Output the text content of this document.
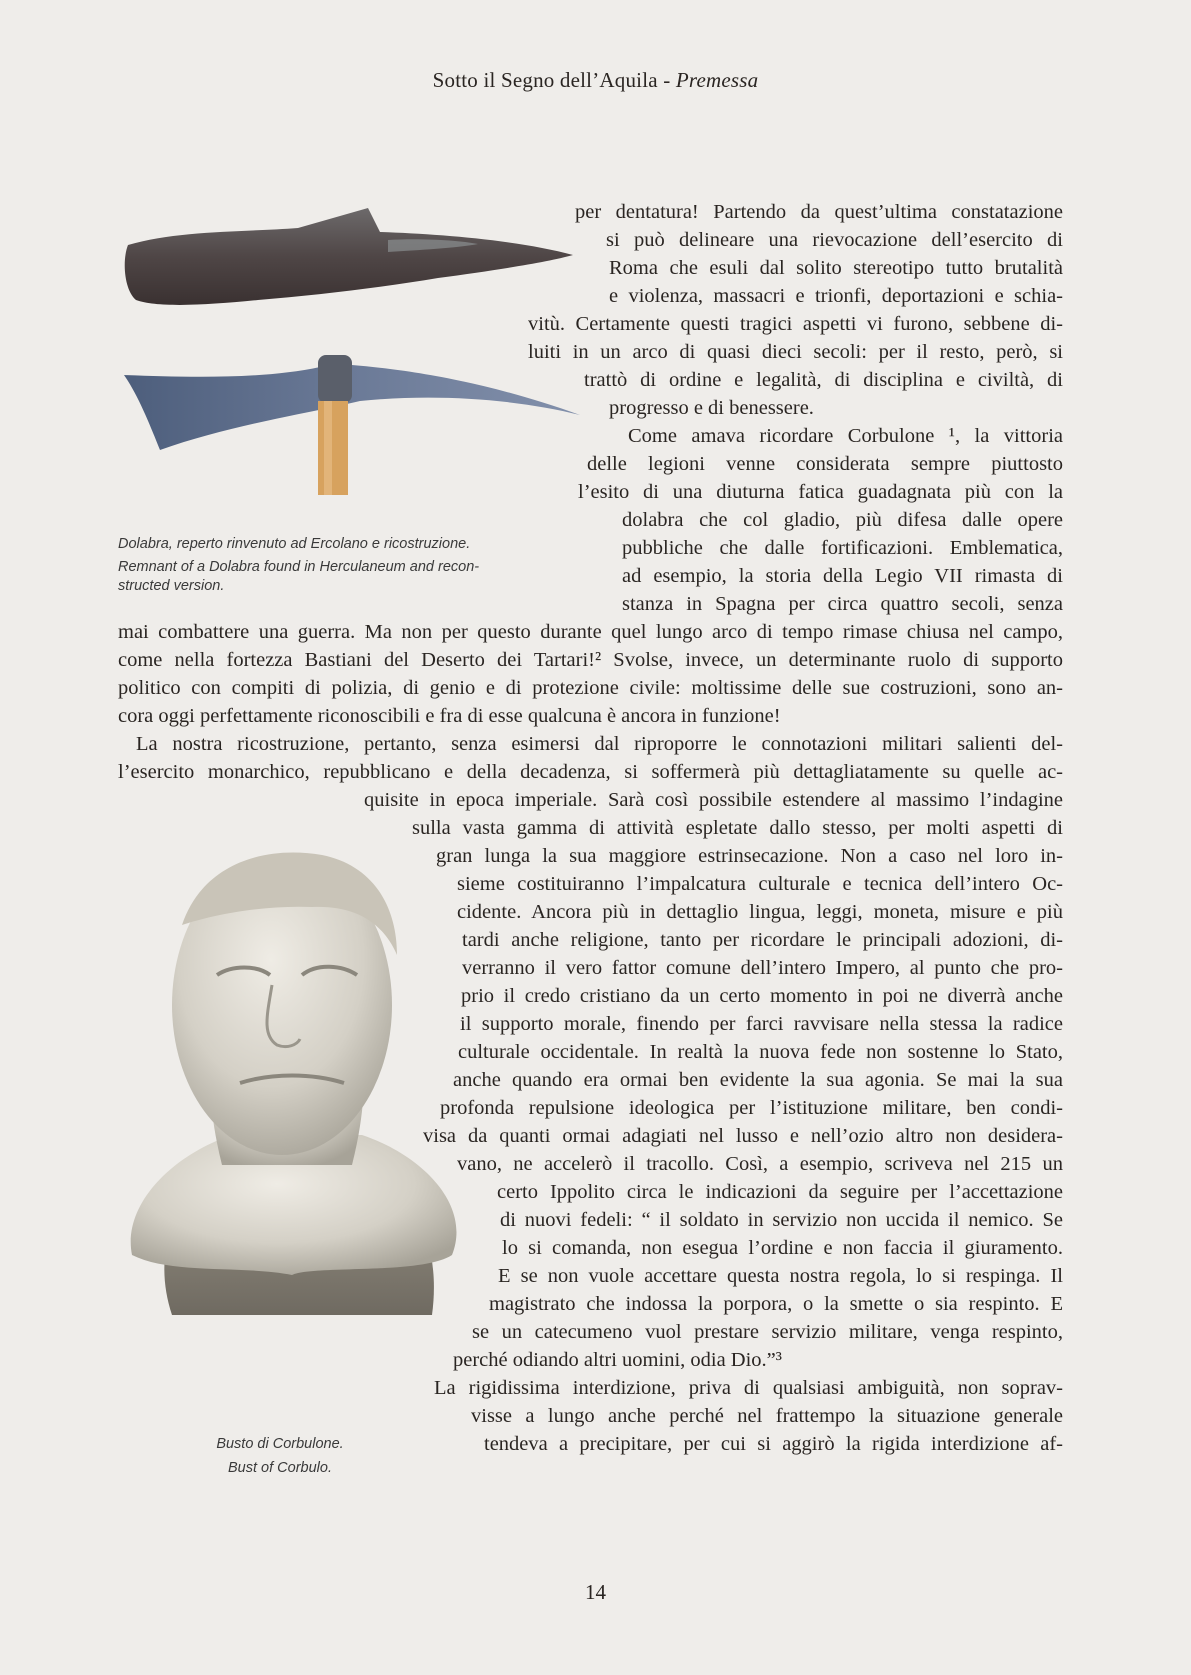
Sotto il Segno dell’Aquila - Premessa
Dolabra, reperto rinvenuto ad Ercolano e ricostruzione.
Remnant of a Dolabra found in Herculaneum and recon-
structed version.
Busto di Corbulone.
Bust of Corbulo.
per dentatura! Partendo da quest’ultima constatazione
si può delineare una rievocazione dell’esercito di
Roma che esuli dal solito stereotipo tutto brutalità
e violenza, massacri e trionfi, deportazioni e schia-
vitù. Certamente questi tragici aspetti vi furono, sebbene di-
luiti in un arco di quasi dieci secoli: per il resto, però, si
trattò di ordine e legalità, di disciplina e civiltà, di
progresso e di benessere.
Come amava ricordare Corbulone ¹, la vittoria
delle legioni venne considerata sempre piuttosto
l’esito di una diuturna fatica guadagnata più con la
dolabra che col gladio, più difesa dalle opere
pubbliche che dalle fortificazioni. Emblematica,
ad esempio, la storia della Legio VII rimasta di
stanza in Spagna per circa quattro secoli, senza
mai combattere una guerra. Ma non per questo durante quel lungo arco di tempo rimase chiusa nel campo,
come nella fortezza Bastiani del Deserto dei Tartari!² Svolse, invece, un determinante ruolo di supporto
politico con compiti di polizia, di genio e di protezione civile: moltissime delle sue costruzioni, sono an-
cora oggi perfettamente riconoscibili e fra di esse qualcuna è ancora in funzione!
La nostra ricostruzione, pertanto, senza esimersi dal riproporre le connotazioni militari salienti del-
l’esercito monarchico, repubblicano e della decadenza, si soffermerà più dettagliatamente su quelle ac-
quisite in epoca imperiale. Sarà così possibile estendere al massimo l’indagine
sulla vasta gamma di attività espletate dallo stesso, per molti aspetti di
gran lunga la sua maggiore estrinsecazione. Non a caso nel loro in-
sieme costituiranno l’impalcatura culturale e tecnica dell’intero Oc-
cidente. Ancora più in dettaglio lingua, leggi, moneta, misure e più
tardi anche religione, tanto per ricordare le principali adozioni, di-
verranno il vero fattor comune dell’intero Impero, al punto che pro-
prio il credo cristiano da un certo momento in poi ne diverrà anche
il supporto morale, finendo per farci ravvisare nella stessa la radice
culturale occidentale. In realtà la nuova fede non sostenne lo Stato,
anche quando era ormai ben evidente la sua agonia. Se mai la sua
profonda repulsione ideologica per l’istituzione militare, ben condi-
visa da quanti ormai adagiati nel lusso e nell’ozio altro non desidera-
vano, ne accelerò il tracollo. Così, a esempio, scriveva nel 215 un
certo Ippolito circa le indicazioni da seguire per l’accettazione
di nuovi fedeli: “ il soldato in servizio non uccida il nemico. Se
lo si comanda, non esegua l’ordine e non faccia il giuramento.
E se non vuole accettare questa nostra regola, lo si respinga. Il
magistrato che indossa la porpora, o la smette o sia respinto. E
se un catecumeno vuol prestare servizio militare, venga respinto,
perché odiando altri uomini, odia Dio.”³
La rigidissima interdizione, priva di qualsiasi ambiguità, non soprav-
visse a lungo anche perché nel frattempo la situazione generale
tendeva a precipitare, per cui si aggirò la rigida interdizione af-
14
